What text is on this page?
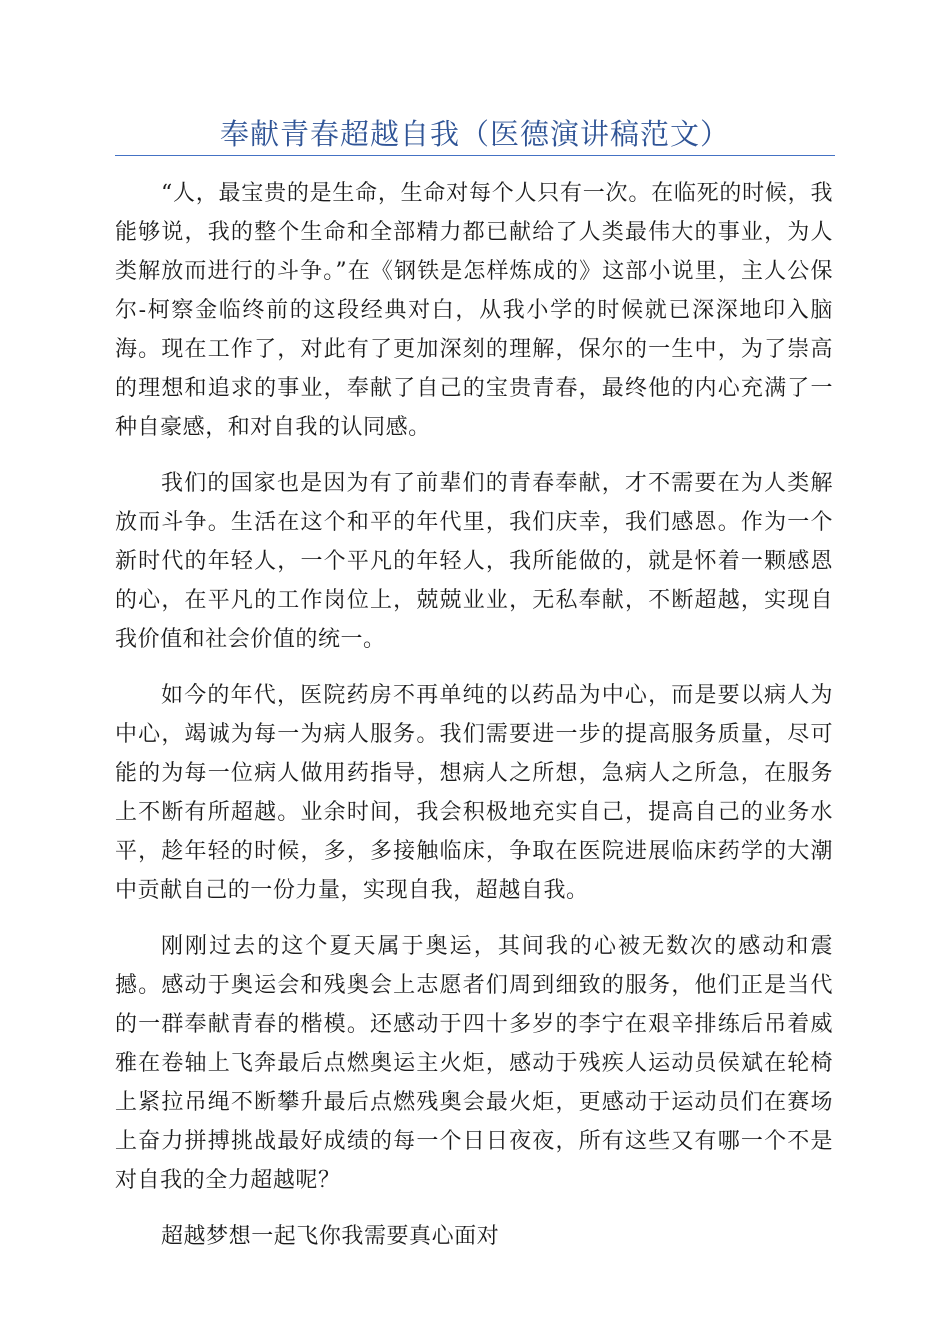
奉献青春超越自我（医德演讲稿范文）

“人，最宝贵的是生命，生命对每个人只有一次。在临死的时候，我能够说，我的整个生命和全部精力都已献给了人类最伟大的事业，为人类解放而进行的斗争。”在《钢铁是怎样炼成的》这部小说里，主人公保尔-柯察金临终前的这段经典对白，从我小学的时候就已深深地印入脑海。现在工作了，对此有了更加深刻的理解，保尔的一生中，为了崇高的理想和追求的事业，奉献了自己的宝贵青春，最终他的内心充满了一种自豪感，和对自我的认同感。

我们的国家也是因为有了前辈们的青春奉献，才不需要在为人类解放而斗争。生活在这个和平的年代里，我们庆幸，我们感恩。作为一个新时代的年轻人，一个平凡的年轻人，我所能做的，就是怀着一颗感恩的心，在平凡的工作岗位上，兢兢业业，无私奉献，不断超越，实现自我价值和社会价值的统一。

如今的年代，医院药房不再单纯的以药品为中心，而是要以病人为中心，竭诚为每一为病人服务。我们需要进一步的提高服务质量，尽可能的为每一位病人做用药指导，想病人之所想，急病人之所急，在服务上不断有所超越。业余时间，我会积极地充实自己，提高自己的业务水平，趁年轻的时候，多，多接触临床，争取在医院进展临床药学的大潮中贡献自己的一份力量，实现自我，超越自我。

刚刚过去的这个夏天属于奥运，其间我的心被无数次的感动和震撼。感动于奥运会和残奥会上志愿者们周到细致的服务，他们正是当代的一群奉献青春的楷模。还感动于四十多岁的李宁在艰辛排练后吊着威雅在卷轴上飞奔最后点燃奥运主火炬，感动于残疾人运动员侯斌在轮椅上紧拉吊绳不断攀升最后点燃残奥会最火炬，更感动于运动员们在赛场上奋力拼搏挑战最好成绩的每一个日日夜夜，所有这些又有哪一个不是对自我的全力超越呢？

超越梦想一起飞你我需要真心面对
